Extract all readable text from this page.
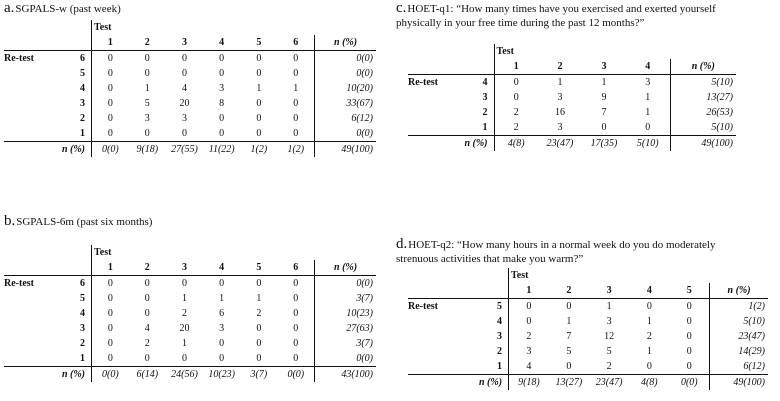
a.SGPALS-w (past week)
b.SGPALS-6m (past six months)
c.HOET-q1: “How many times have you exercised and exerted yourself
physically in your free time during the past 12 months?”
d.HOET-q2: “How many hours in a normal week do you do moderately
strenuous activities that make you warm?”
		Test						
		1	2	3	4	5	6	n (%)
Re-test	6	0	0	0	0	0	0	0(0)
	5	0	0	0	0	0	0	0(0)
	4	0	1	4	3	1	1	10(20)
	3	0	5	20	8	0	0	33(67)
	2	0	3	3	0	0	0	6(12)
	1	0	0	0	0	0	0	0(0)
n (%)		0(0)	9(18)	27(55)	11(22)	1(2)	1(2)	49(100)
		Test						
		1	2	3	4	5	6	n (%)
Re-test	6	0	0	0	0	0	0	0(0)
	5	0	0	1	1	1	0	3(7)
	4	0	0	2	6	2	0	10(23)
	3	0	4	20	3	0	0	27(63)
	2	0	2	1	0	0	0	3(7)
	1	0	0	0	0	0	0	0(0)
n (%)		0(0)	6(14)	24(56)	10(23)	3(7)	0(0)	43(100)
		Test				
		1	2	3	4	n (%)
Re-test	4	0	1	1	3	5(10)
	3	0	3	9	1	13(27)
	2	2	16	7	1	26(53)
	1	2	3	0	0	5(10)
n (%)		4(8)	23(47)	17(35)	5(10)	49(100)
		Test					
		1	2	3	4	5	n (%)
Re-test	5	0	0	1	0	0	1(2)
	4	0	1	3	1	0	5(10)
	3	2	7	12	2	0	23(47)
	2	3	5	5	1	0	14(29)
	1	4	0	2	0	0	6(12)
n (%)		9(18)	13(27)	23(47)	4(8)	0(0)	49(100)
